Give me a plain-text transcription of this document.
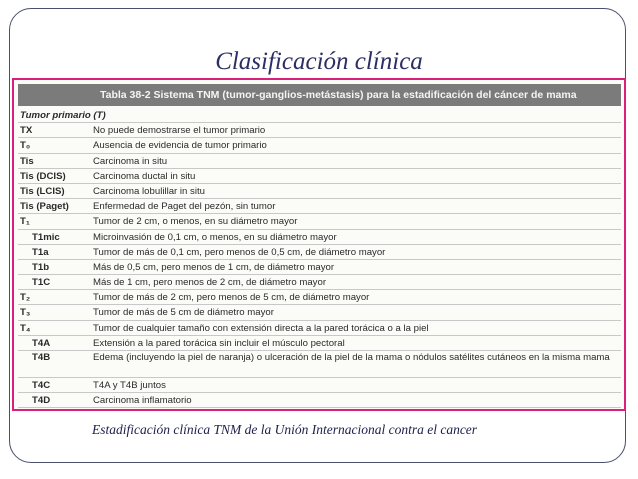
Clasificación clínica
Tabla 38-2 Sistema TNM (tumor-ganglios-metástasis) para la estadificación del cáncer de mama
Tumor primario (T)
TX	No puede demostrarse el tumor primario
T₀	Ausencia de evidencia de tumor primario
Tis	Carcinoma in situ
Tis (DCIS)	Carcinoma ductal in situ
Tis (LCIS)	Carcinoma lobulillar in situ
Tis (Paget)	Enfermedad de Paget del pezón, sin tumor
T₁	Tumor de 2 cm, o menos, en su diámetro mayor
T1mic	Microinvasión de 0,1 cm, o menos, en su diámetro mayor
T1a	Tumor de más de 0,1 cm, pero menos de 0,5 cm, de diámetro mayor
T1b	Más de 0,5 cm, pero menos de 1 cm, de diámetro mayor
T1C	Más de 1 cm, pero menos de 2 cm, de diámetro mayor
T₂	Tumor de más de 2 cm, pero menos de 5 cm, de diámetro mayor
T₃	Tumor de más de 5 cm de diámetro mayor
T₄	Tumor de cualquier tamaño con extensión directa a la pared torácica o a la piel
T4A	Extensión a la pared torácica sin incluir el músculo pectoral
T4B	Edema (incluyendo la piel de naranja) o ulceración de la piel de la mama o nódulos satélites cutáneos en la misma mama
T4C	T4A y T4B juntos
T4D	Carcinoma inflamatorio
Estadificación clínica TNM de la Unión Internacional contra el cancer
